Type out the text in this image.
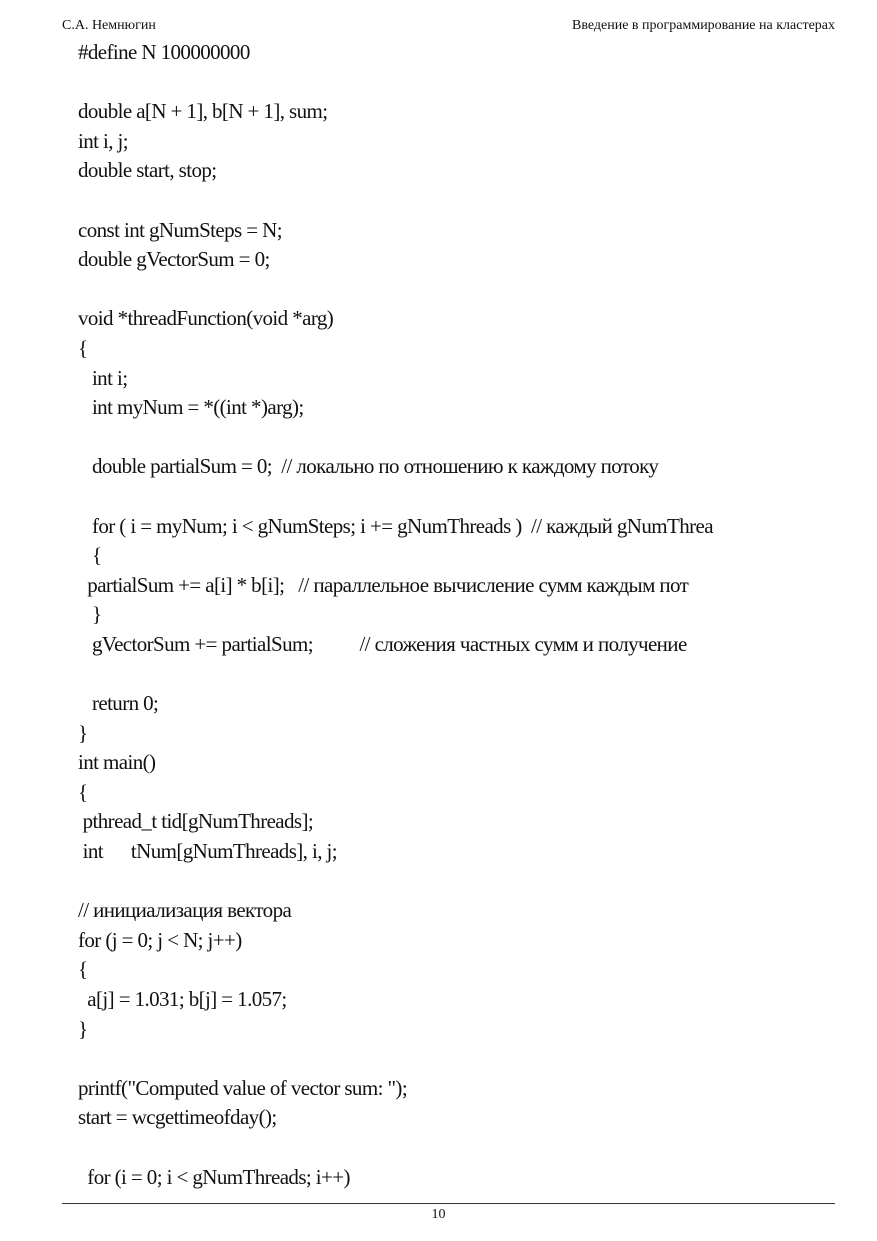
С.А. Немнюгин	Введение в программирование на кластерах
#define N 100000000
double a[N + 1], b[N + 1], sum;
int i, j;
double start, stop;
const int gNumSteps = N;
double gVectorSum = 0;
void *threadFunction(void *arg)
{
int i;
int myNum = *((int *)arg);
double partialSum = 0;  // локально по отношению к каждому потоку
for ( i = myNum; i < gNumSteps; i += gNumThreads )  // каждый gNumThrea
{
partialSum += a[i] * b[i];   // параллельное вычисление сумм каждым пот
}
gVectorSum += partialSum;          // сложения частных сумм и получение
return 0;
}
int main()
{
pthread_t tid[gNumThreads];
int      tNum[gNumThreads], i, j;
// инициализация вектора
for (j = 0; j < N; j++)
{
a[j] = 1.031; b[j] = 1.057;
}
printf("Computed value of vector sum: ");
start = wcgettimeofday();
for (i = 0; i < gNumThreads; i++)
10
